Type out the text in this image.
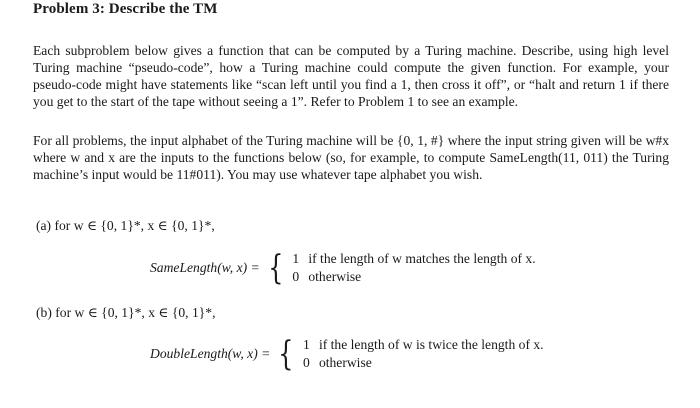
Problem 3: Describe the TM
Each subproblem below gives a function that can be computed by a Turing machine. Describe, using high level Turing machine “pseudo-code”, how a Turing machine could compute the given function. For example, your pseudo-code might have statements like “scan left until you find a 1, then cross it off”, or “halt and return 1 if there you get to the start of the tape without seeing a 1”. Refer to Problem 1 to see an example.
For all problems, the input alphabet of the Turing machine will be {0, 1, #} where the input string given will be w#x where w and x are the inputs to the functions below (so, for example, to compute SameLength(11, 011) the Turing machine’s input would be 11#011). You may use whatever tape alphabet you wish.
(a) for w ∈ {0, 1}*, x ∈ {0, 1}*,
SameLength(w, x) = { 1 if the length of w matches the length of x.
0 otherwise
(b) for w ∈ {0, 1}*, x ∈ {0, 1}*,
DoubleLength(w, x) = { 1 if the length of w is twice the length of x.
0 otherwise
